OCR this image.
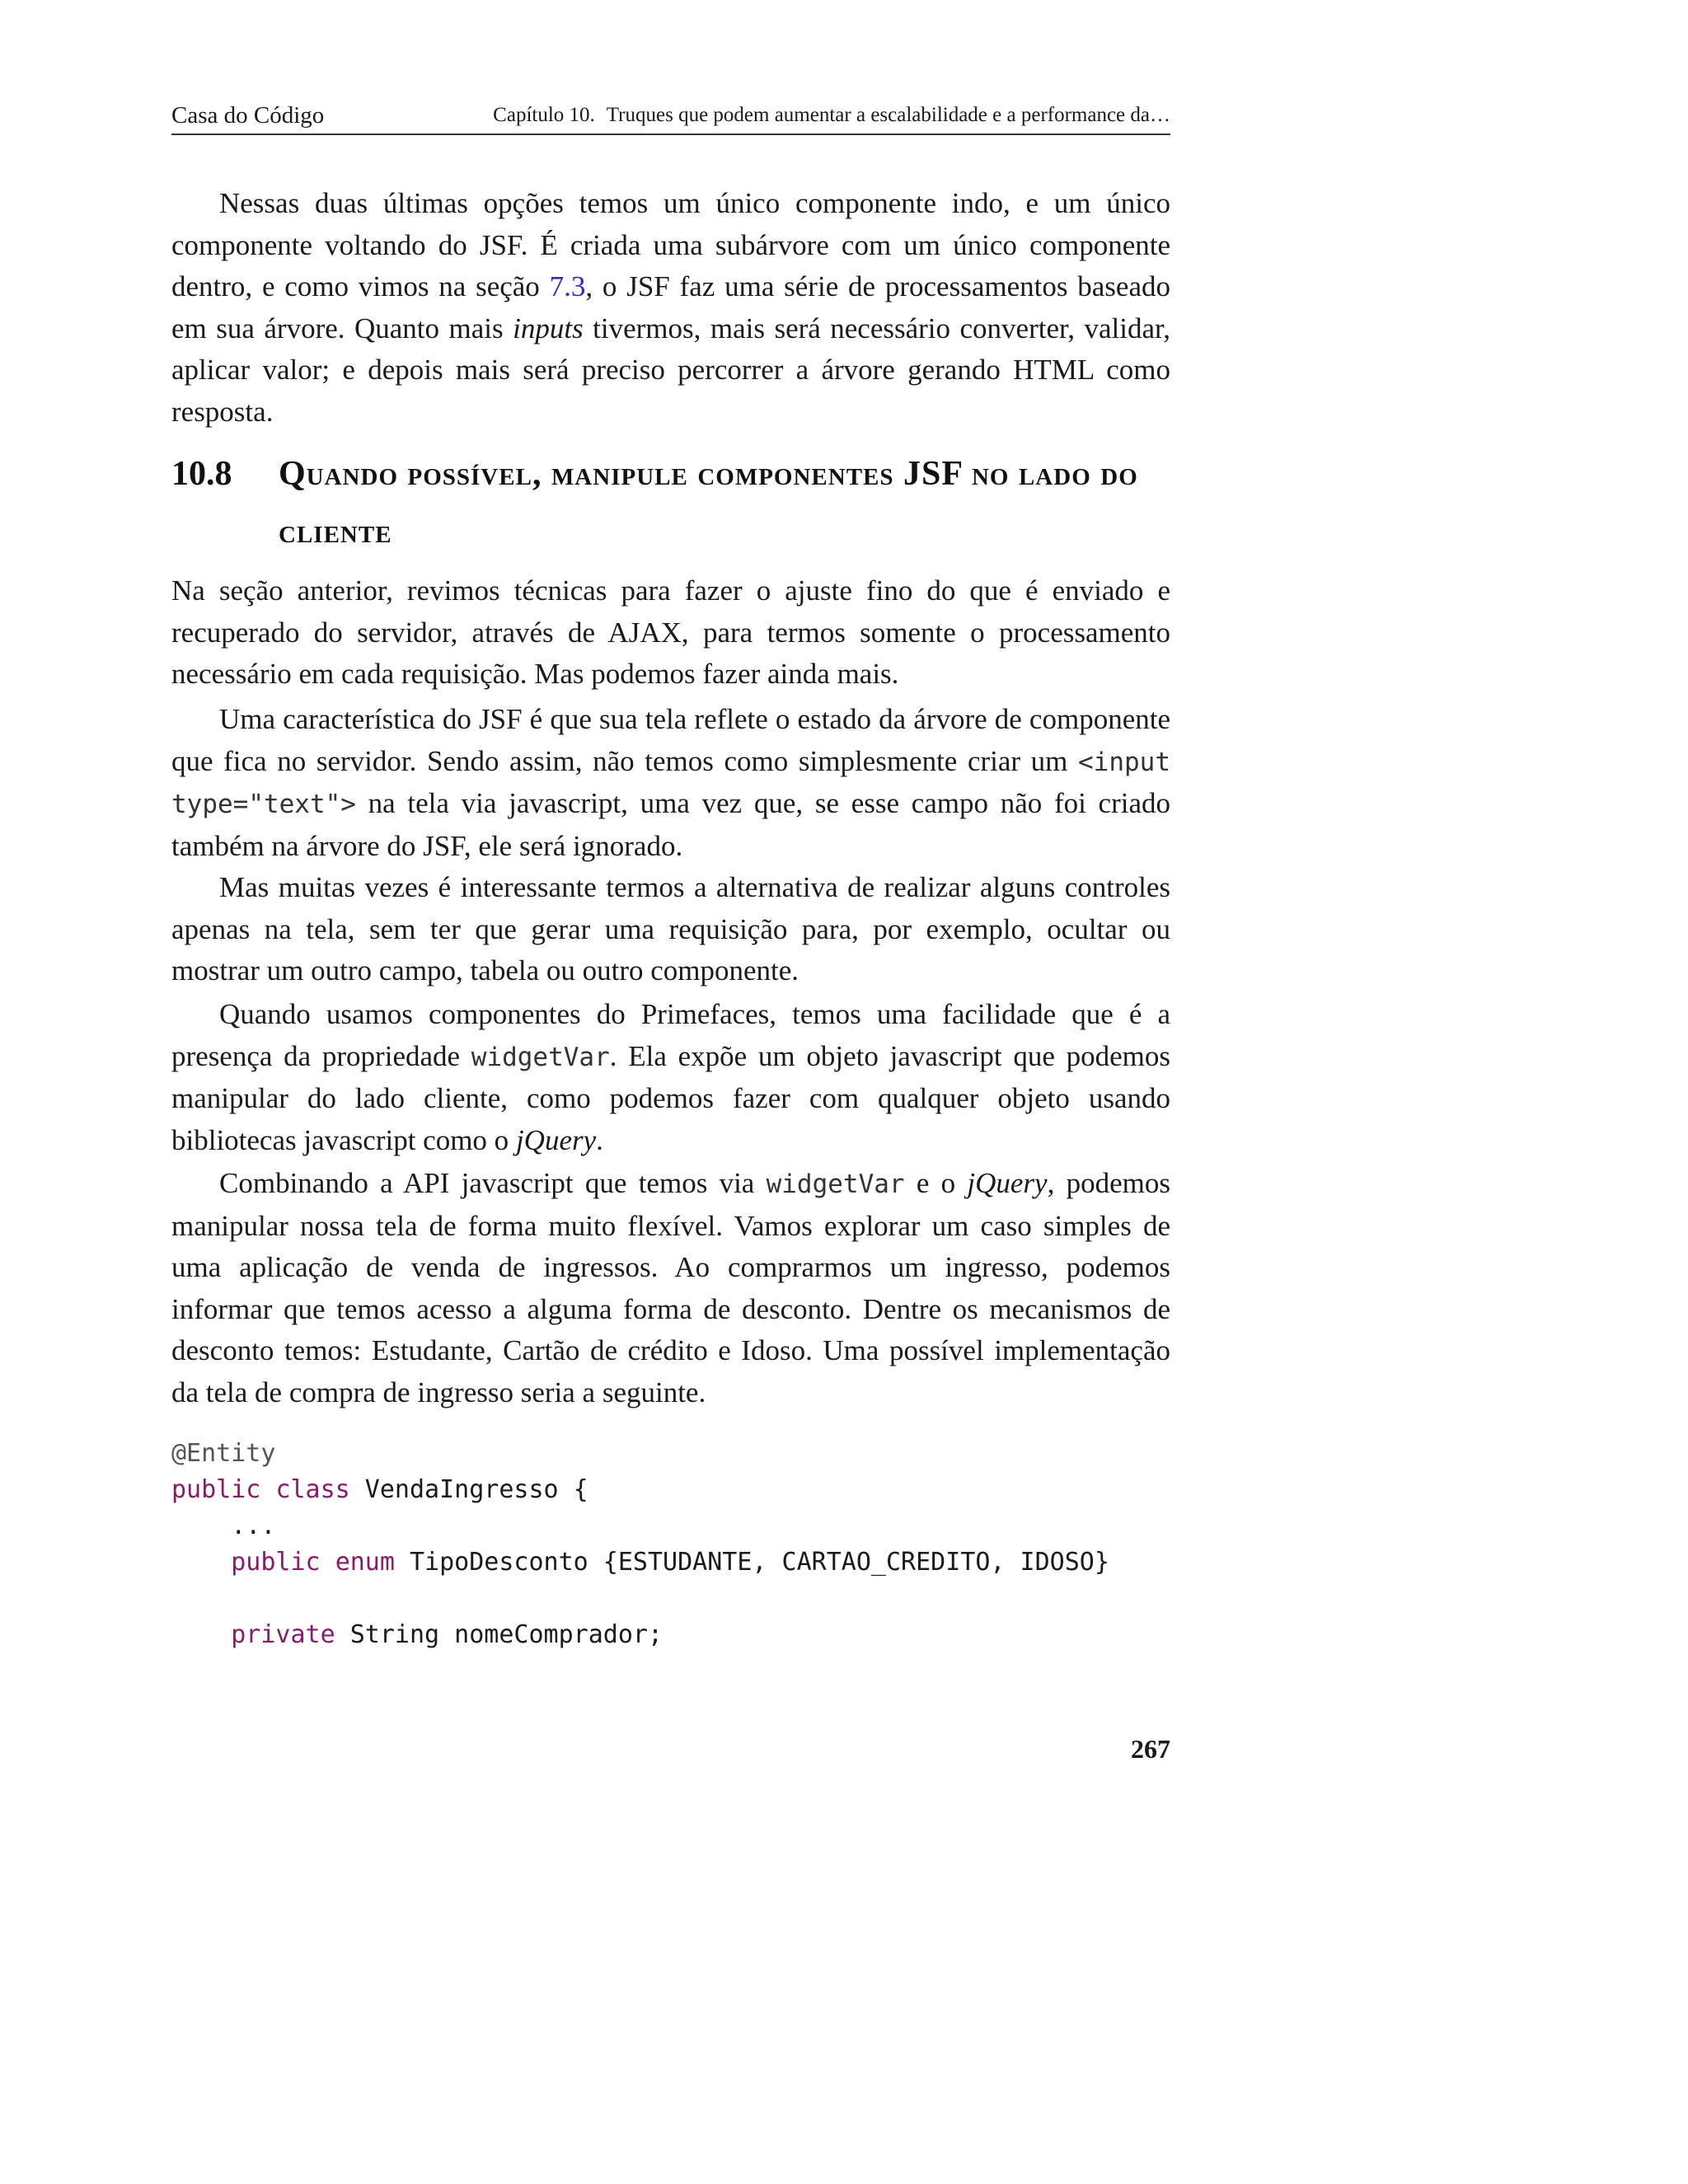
Casa do Código	Capítulo 10. Truques que podem aumentar a escalabilidade e a performance da…

Nessas duas últimas opções temos um único componente indo, e um único componente voltando do JSF. É criada uma subárvore com um único componente dentro, e como vimos na seção 7.3, o JSF faz uma série de processamentos baseado em sua árvore. Quanto mais inputs tivermos, mais será necessário converter, validar, aplicar valor; e depois mais será preciso percorrer a árvore gerando HTML como resposta.

10.8 Quando possível, manipule componentes JSF no lado do cliente

Na seção anterior, revimos técnicas para fazer o ajuste fino do que é enviado e recuperado do servidor, através de AJAX, para termos somente o processamento necessário em cada requisição. Mas podemos fazer ainda mais.

Uma característica do JSF é que sua tela reflete o estado da árvore de componente que fica no servidor. Sendo assim, não temos como simplesmente criar um <input type="text"> na tela via javascript, uma vez que, se esse campo não foi criado também na árvore do JSF, ele será ignorado.

Mas muitas vezes é interessante termos a alternativa de realizar alguns controles apenas na tela, sem ter que gerar uma requisição para, por exemplo, ocultar ou mostrar um outro campo, tabela ou outro componente.

Quando usamos componentes do Primefaces, temos uma facilidade que é a presença da propriedade widgetVar. Ela expõe um objeto javascript que podemos manipular do lado cliente, como podemos fazer com qualquer objeto usando bibliotecas javascript como o jQuery.

Combinando a API javascript que temos via widgetVar e o jQuery, podemos manipular nossa tela de forma muito flexível. Vamos explorar um caso simples de uma aplicação de venda de ingressos. Ao comprarmos um ingresso, podemos informar que temos acesso a alguma forma de desconto. Dentre os mecanismos de desconto temos: Estudante, Cartão de crédito e Idoso. Uma possível implementação da tela de compra de ingresso seria a seguinte.

@Entity
public class VendaIngresso {
...
public enum TipoDesconto {ESTUDANTE, CARTAO_CREDITO, IDOSO}
private String nomeComprador;
267
